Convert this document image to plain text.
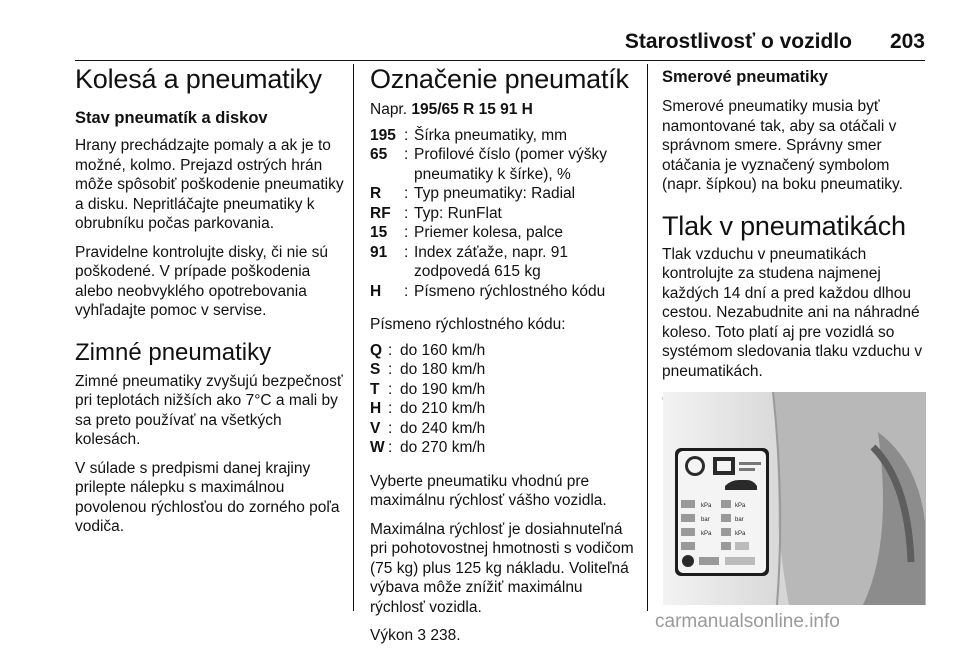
Starostlivosť o vozidlo 203
Kolesá a pneumatiky
Stav pneumatík a diskov

Hrany prechádzajte pomaly a ak je to možné, kolmo. Prejazd ostrých hrán môže spôsobiť poškodenie pneumatiky a disku. Nepritláčajte pneumatiky k obrubníku počas parkovania.

Pravidelne kontrolujte disky, či nie sú poškodené. V prípade poškodenia alebo neobvyklého opotrebovania vyhľadajte pomoc v servise.

Zimné pneumatiky

Zimné pneumatiky zvyšujú bezpečnosť pri teplotách nižších ako 7°C a mali by sa preto používať na všetkých kolesách.

V súlade s predpismi danej krajiny prilepte nálepku s maximálnou povolenou rýchlosťou do zorného poľa vodiča.

Označenie pneumatík

Napr. 195/65 R 15 91 H

195 : Šírka pneumatiky, mm
65	: Profilové číslo (pomer výšky pneumatiky k šírke), %
R	: Typ pneumatiky: Radial
RF : Typ: RunFlat
15	: Priemer kolesa, palce
91	: Index záťaže, napr. 91 zodpovedá 615 kg
H	: Písmeno rýchlostného kódu

Písmeno rýchlostného kódu:

Q : do 160 km/h
S : do 180 km/h
T : do 190 km/h
H : do 210 km/h
V : do 240 km/h
W : do 270 km/h

Vyberte pneumatiku vhodnú pre maximálnu rýchlosť vášho vozidla.

Maximálna rýchlosť je dosiahnuteľná pri pohotovostnej hmotnosti s vodičom (75 kg) plus 125 kg nákladu. Voliteľná výbava môže znížiť maximálnu rýchlosť vozidla.

Výkon 3 238.

Smerové pneumatiky

Smerové pneumatiky musia byť namontované tak, aby sa otáčali v správnom smere. Správny smer otáčania je vyznačený symbolom (napr. šípkou) na boku pneumatiky.

Tlak v pneumatikách

Tlak vzduchu v pneumatikách kontrolujte za studena najmenej každých 14 dní a pred každou dlhou cestou. Nezabudnite ani na náhradné koleso. Toto platí aj pre vozidlá so systémom sledovania tlaku vzduchu v pneumatikách.

kPa	kPa
bar	bar
kPa	kPa
carmanualsonline.info
